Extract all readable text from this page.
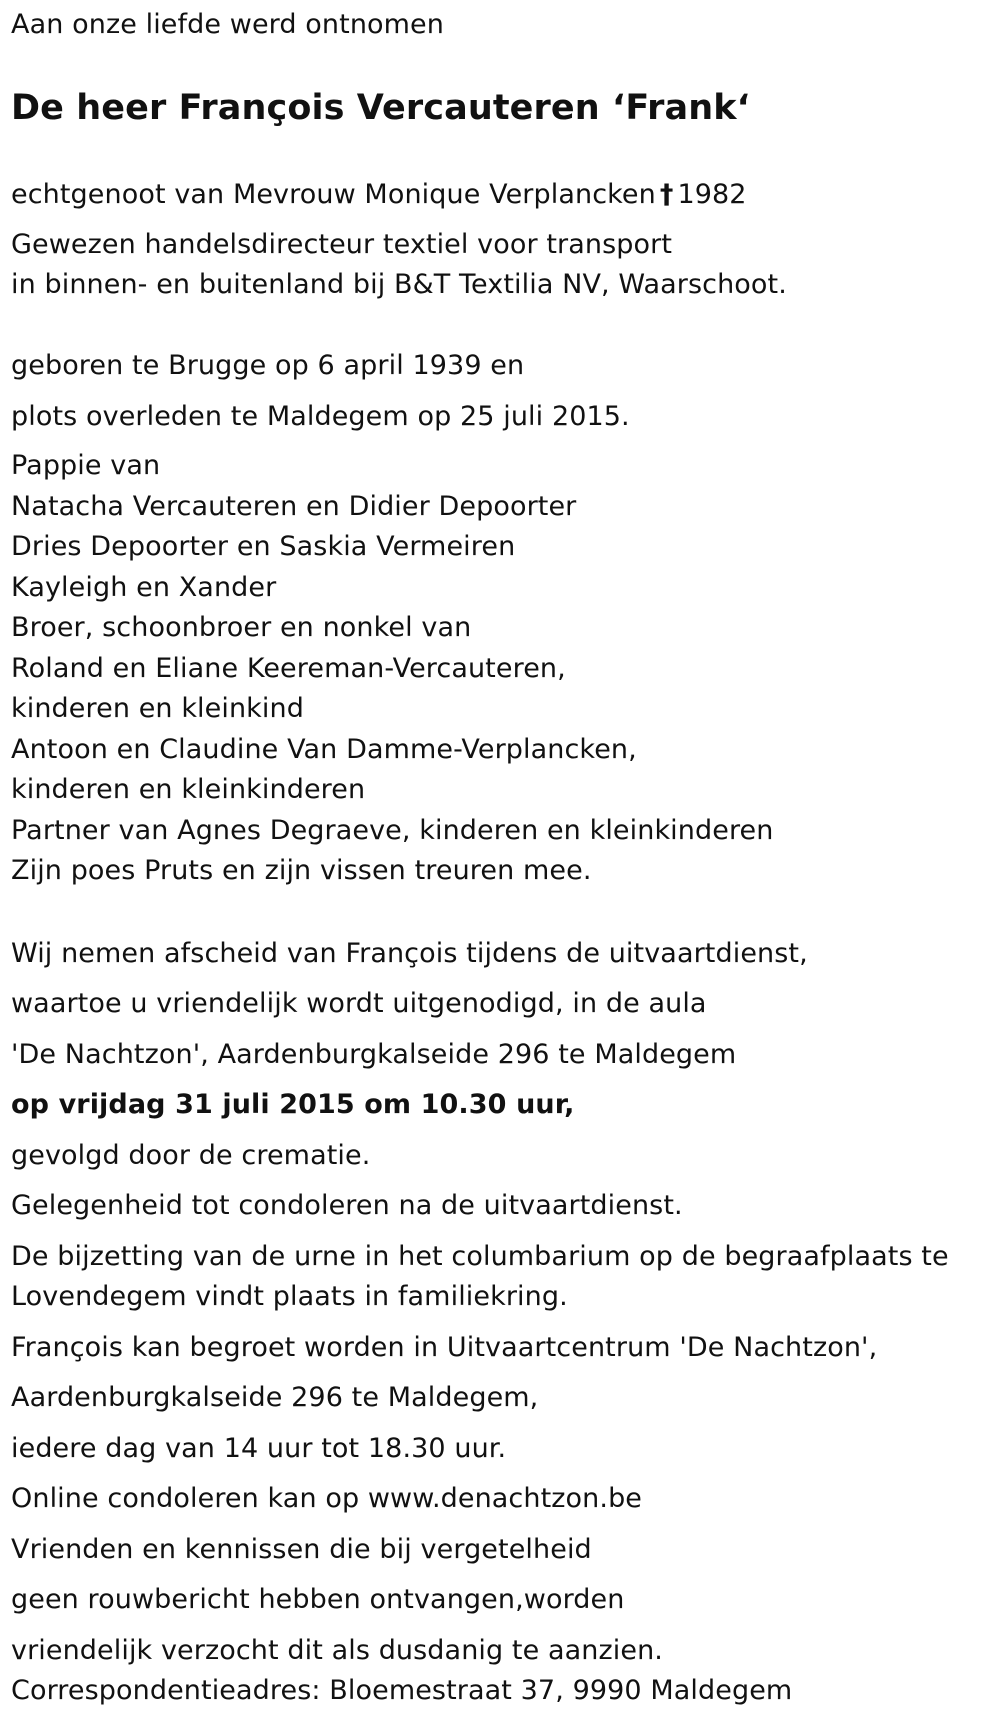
Aan onze liefde werd ontnomen
De heer François Vercauteren ‘Frank‘
echtgenoot van Mevrouw Monique Verplancken † 1982
Gewezen handelsdirecteur textiel voor transport
in binnen- en buitenland bij B&T Textilia NV, Waarschoot.
geboren te Brugge op 6 april 1939 en
plots overleden te Maldegem op 25 juli 2015.
Pappie van
Natacha Vercauteren en Didier Depoorter
Dries Depoorter en Saskia Vermeiren
Kayleigh en Xander
Broer, schoonbroer en nonkel van
Roland en Eliane Keereman-Vercauteren,
kinderen en kleinkind
Antoon en Claudine Van Damme-Verplancken,
kinderen en kleinkinderen
Partner van Agnes Degraeve, kinderen en kleinkinderen
Zijn poes Pruts en zijn vissen treuren mee.
Wij nemen afscheid van François tijdens de uitvaartdienst,
waartoe u vriendelijk wordt uitgenodigd, in de aula
'De Nachtzon', Aardenburgkalseide 296 te Maldegem
op vrijdag 31 juli 2015 om 10.30 uur,
gevolgd door de crematie.
Gelegenheid tot condoleren na de uitvaartdienst.
De bijzetting van de urne in het columbarium op de begraafplaats te
Lovendegem vindt plaats in familiekring.
François kan begroet worden in Uitvaartcentrum 'De Nachtzon',
Aardenburgkalseide 296 te Maldegem,
iedere dag van 14 uur tot 18.30 uur.
Online condoleren kan op www.denachtzon.be
Vrienden en kennissen die bij vergetelheid
geen rouwbericht hebben ontvangen,worden
vriendelijk verzocht dit als dusdanig te aanzien.
Correspondentieadres: Bloemestraat 37, 9990 Maldegem
